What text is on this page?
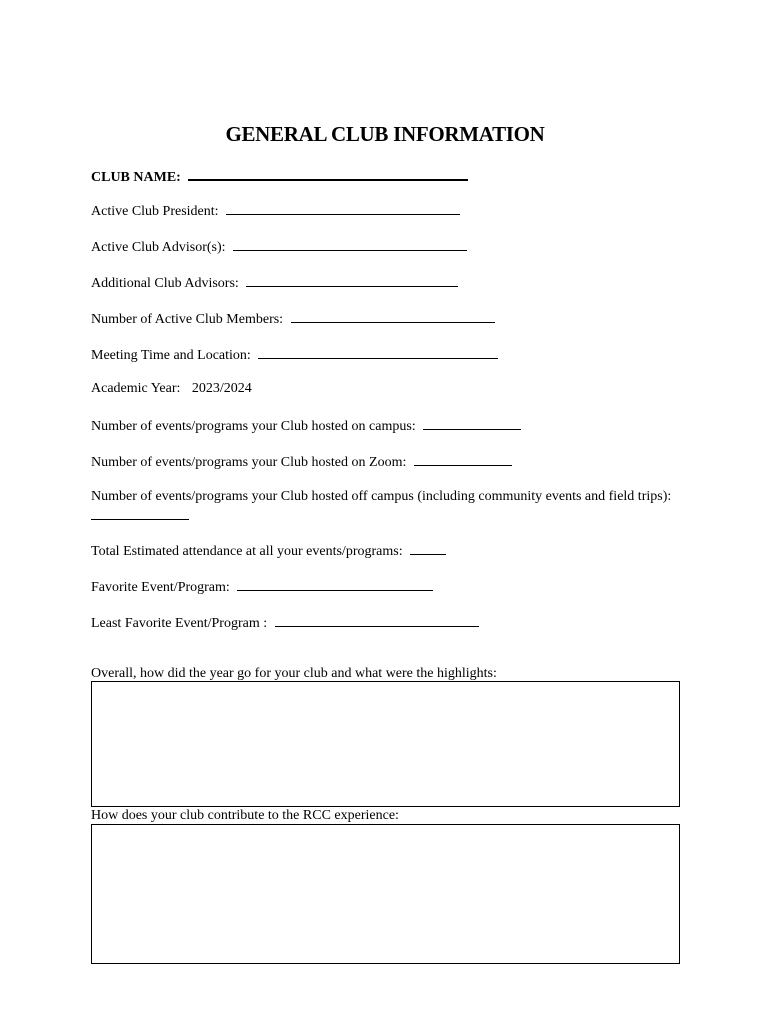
GENERAL CLUB INFORMATION
CLUB NAME:
Active Club President:
Active Club Advisor(s):
Additional Club Advisors:
Number of Active Club Members:
Meeting Time and Location:
Academic Year: 2023/2024
Number of events/programs your Club hosted on campus:
Number of events/programs your Club hosted on Zoom:
Number of events/programs your Club hosted off campus (including community events and field trips):
Total Estimated attendance at all your events/programs:
Favorite Event/Program:
Least Favorite Event/Program :
Overall, how did the year go for your club and what were the highlights:
How does your club contribute to the RCC experience:
